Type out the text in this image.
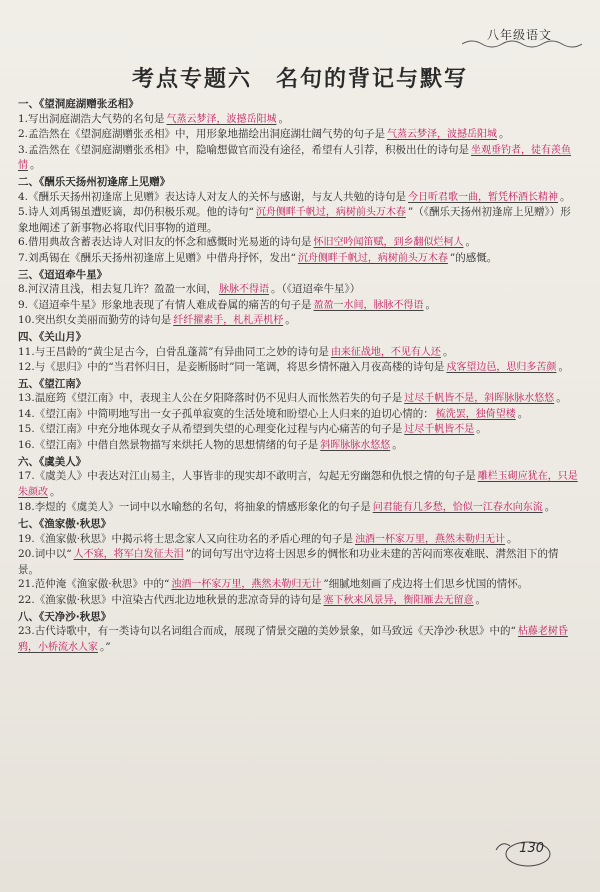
八年级语文
考点专题六　名句的背记与默写
一、《望洞庭湖赠张丞相》
1.写出洞庭湖浩大气势的名句是 气蒸云梦泽，波撼岳阳城 。
2.孟浩然在《望洞庭湖赠张丞相》中，用形象地描绘出洞庭湖壮阔气势的句子是 气蒸云梦泽，波撼岳阳城 。
3.孟浩然在《望洞庭湖赠张丞相》中，隐喻想做官而没有途径，希望有人引荐，积极出仕的诗句是 坐观垂钓者，徒有羡鱼情 。
二、《酬乐天扬州初逢席上见赠》
4.《酬乐天扬州初逢席上见赠》表达诗人对友人的关怀与感谢，与友人共勉的诗句是 今日听君歌一曲，暂凭杯酒长精神 。
5.诗人刘禹锡虽遭贬谪，却仍积极乐观。他的诗句“ 沉舟侧畔千帆过，病树前头万木春 ”（《酬乐天扬州初逢席上见赠》）形象地阐述了新事物必将取代旧事物的道理。
6.借用典故含蓄表达诗人对旧友的怀念和感慨时光易逝的诗句是 怀旧空吟闻笛赋，到乡翻似烂柯人 。
7.刘禹锡在《酬乐天扬州初逢席上见赠》中借舟抒怀，发出“ 沉舟侧畔千帆过，病树前头万木春 ”的感慨。
三、《迢迢牵牛星》
8.河汉清且浅，相去复几许？盈盈一水间， 脉脉不得语 。（《迢迢牵牛星》）
9.《迢迢牵牛星》形象地表现了有情人难成眷属的痛苦的句子是 盈盈一水间，脉脉不得语 。
10.突出织女美丽而勤劳的诗句是 纤纤擢素手，札札弄机杼 。
四、《关山月》
11.与王昌龄的“黄尘足古今，白骨乱蓬蒿”有异曲同工之妙的诗句是 由来征战地，不见有人还 。
12.与《思归》中的“当君怀归日，是妾断肠时”同一笔调，将思乡情怀融入月夜高楼的诗句是 戍客望边邑，思归多苦颜 。
五、《望江南》
13.温庭筠《望江南》中，表现主人公在夕阳降落时仍不见归人而怅然若失的句子是 过尽千帆皆不是，斜晖脉脉水悠悠 。
14.《望江南》中简明地写出一女子孤单寂寞的生活处境和盼望心上人归来的迫切心情的： 梳洗罢，独倚望楼 。
15.《望江南》中充分地体现女子从希望到失望的心理变化过程与内心痛苦的句子是 过尽千帆皆不是 。
16.《望江南》中借自然景物描写来烘托人物的思想情绪的句子是 斜晖脉脉水悠悠 。
六、《虞美人》
17.《虞美人》中表达对江山易主，人事皆非的现实却不敢明言，勾起无穷幽怨和仇恨之情的句子是 雕栏玉砌应犹在，只是朱颜改 。
18.李煜的《虞美人》一词中以水喻愁的名句，将抽象的情感形象化的句子是 问君能有几多愁，恰似一江春水向东流 。
七、《渔家傲·秋思》
19.《渔家傲·秋思》中揭示将士思念家人又向往功名的矛盾心理的句子是 浊酒一杯家万里，燕然未勒归无计 。
20.词中以“ 人不寐，将军白发征夫泪 ”的词句写出守边将士因思乡的惆怅和功业未建的苦闷而寒夜难眠、潸然泪下的情景。
21.范仲淹《渔家傲·秋思》中的“ 浊酒一杯家万里，燕然未勒归无计 ”细腻地刻画了戍边将士们思乡忧国的情怀。
22.《渔家傲·秋思》中渲染古代西北边地秋景的悲凉奇异的诗句是 塞下秋来风景异，衡阳雁去无留意 。
八、《天净沙·秋思》
23.古代诗歌中，有一类诗句以名词组合而成，展现了情景交融的美妙景象，如马致远《天净沙·秋思》中的“ 枯藤老树昏鸦，小桥流水人家 。”
130
